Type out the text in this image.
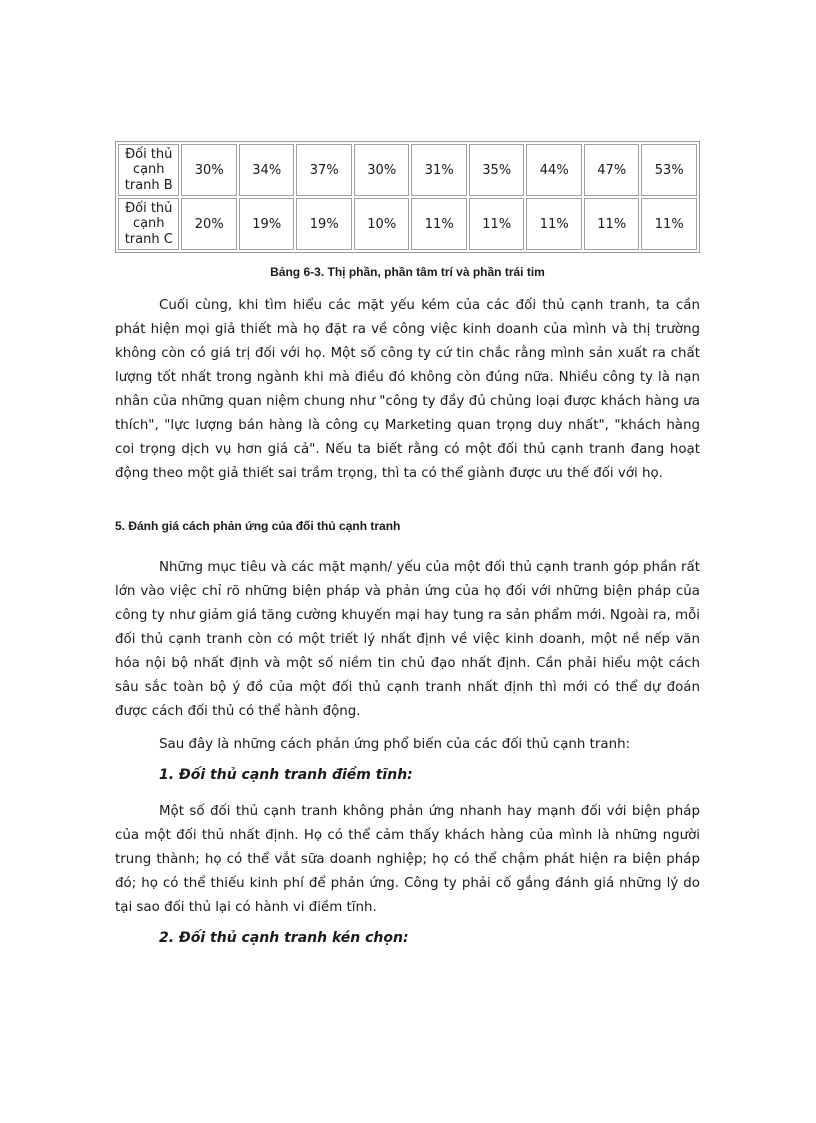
Đối thủ
cạnh
tranh B	30%	34%	37%	30%	31%	35%	44%	47%	53%
Đối thủ
cạnh
tranh C	20%	19%	19%	10%	11%	11%	11%	11%	11%
Bảng 6-3. Thị phần, phần tâm trí và phần trái tim

Cuối cùng, khi tìm hiểu các mặt yếu kém của các đối thủ cạnh tranh, ta cần phát hiện mọi giả thiết mà họ đặt ra về công việc kinh doanh của mình và thị trường không còn có giá trị đối với họ. Một số công ty cứ tin chắc rằng mình sản xuất ra chất lượng tốt nhất trong ngành khi mà điều đó không còn đúng nữa. Nhiều công ty là nạn nhân của những quan niệm chung như "công ty đầy đủ chủng loại được khách hàng ưa thích", "lực lượng bán hàng là công cụ Marketing quan trọng duy nhất", "khách hàng coi trọng dịch vụ hơn giá cả". Nếu ta biết rằng có một đối thủ cạnh tranh đang hoạt động theo một giả thiết sai trầm trọng, thì ta có thể giành được ưu thế đối với họ.

5. Đánh giá cách phản ứng của đối thủ cạnh tranh

Những mục tiêu và các mặt mạnh/ yếu của một đối thủ cạnh tranh góp phần rất lớn vào việc chỉ rõ những biện pháp và phản ứng của họ đối với những biện pháp của công ty như giảm giá tăng cường khuyến mại hay tung ra sản phẩm mới. Ngoài ra, mỗi đối thủ cạnh tranh còn có một triết lý nhất định về việc kinh doanh, một nề nếp văn hóa nội bộ nhất định và một số niềm tin chủ đạo nhất định. Cần phải hiểu một cách sâu sắc toàn bộ ý đồ của một đối thủ cạnh tranh nhất định thì mới có thể dự đoán được cách đối thủ có thể hành động.

Sau đây là những cách phản ứng phổ biến của các đối thủ cạnh tranh:

1. Đối thủ cạnh tranh điềm tĩnh:

Một số đối thủ cạnh tranh không phản ứng nhanh hay mạnh đối với biện pháp của một đối thủ nhất định. Họ có thể cảm thấy khách hàng của mình là những người trung thành; họ có thể vắt sữa doanh nghiệp; họ có thể chậm phát hiện ra biện pháp đó; họ có thể thiếu kinh phí để phản ứng. Công ty phải cố gắng đánh giá những lý do tại sao đối thủ lại có hành vi điềm tĩnh.

2. Đối thủ cạnh tranh kén chọn:
